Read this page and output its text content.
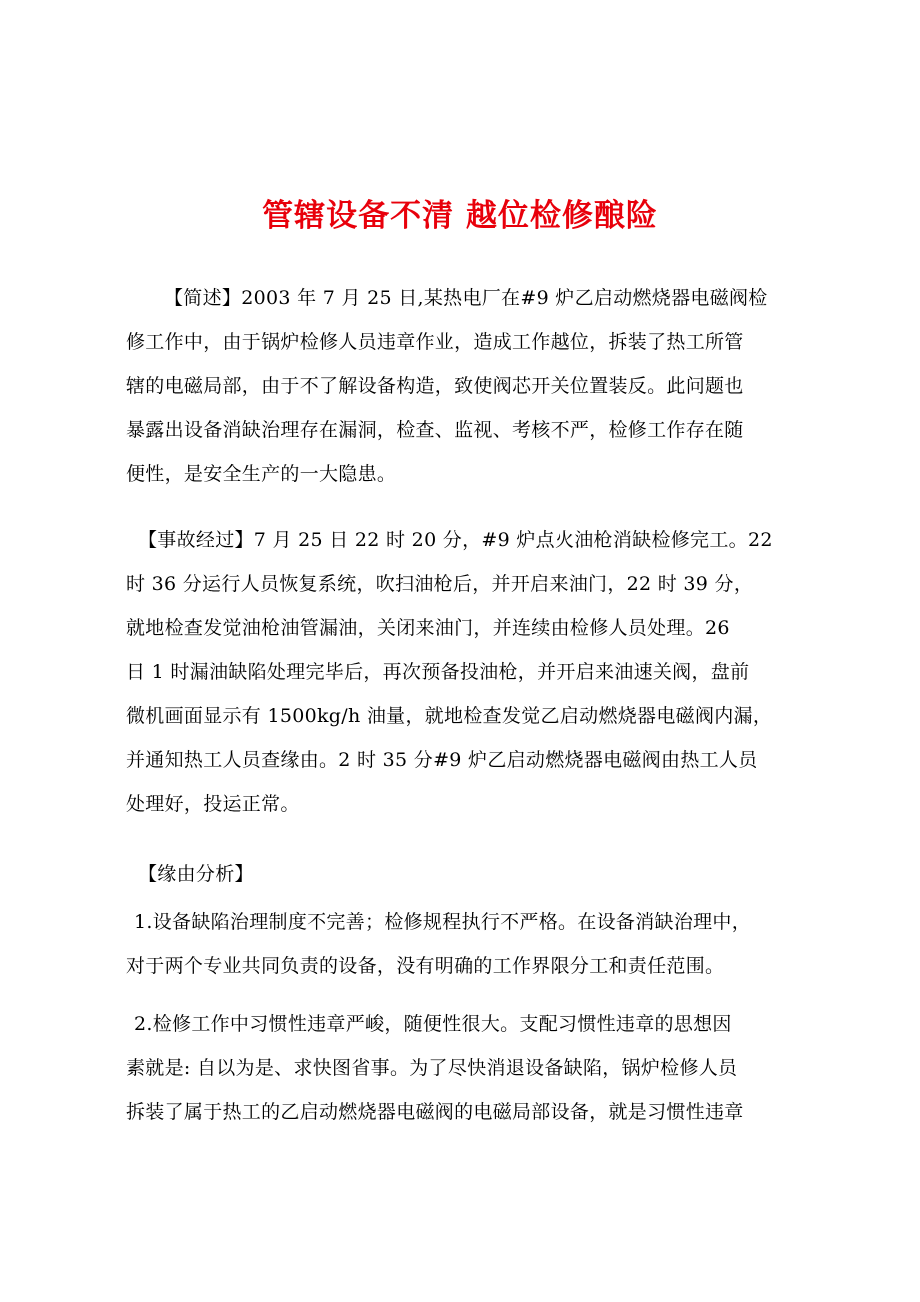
管辖设备不清 越位检修酿险
【简述】2003 年 7 月 25 日,某热电厂在#9 炉乙启动燃烧器电磁阀检
修工作中，由于锅炉检修人员违章作业，造成工作越位，拆装了热工所管
辖的电磁局部，由于不了解设备构造，致使阀芯开关位置装反。此问题也
暴露出设备消缺治理存在漏洞，检查、监视、考核不严，检修工作存在随
便性，是安全生产的一大隐患。
【事故经过】7 月 25 日 22 时 20 分，#9 炉点火油枪消缺检修完工。22
时 36 分运行人员恢复系统，吹扫油枪后，并开启来油门，22 时 39 分，
就地检查发觉油枪油管漏油，关闭来油门，并连续由检修人员处理。26
日 1 时漏油缺陷处理完毕后，再次预备投油枪，并开启来油速关阀，盘前
微机画面显示有 1500kg/h 油量，就地检查发觉乙启动燃烧器电磁阀内漏，
并通知热工人员查缘由。2 时 35 分#9 炉乙启动燃烧器电磁阀由热工人员
处理好，投运正常。
【缘由分析】
1.设备缺陷治理制度不完善；检修规程执行不严格。在设备消缺治理中，
对于两个专业共同负责的设备，没有明确的工作界限分工和责任范围。
2.检修工作中习惯性违章严峻，随便性很大。支配习惯性违章的思想因
素就是: 自以为是、求快图省事。为了尽快消退设备缺陷，锅炉检修人员
拆装了属于热工的乙启动燃烧器电磁阀的电磁局部设备，就是习惯性违章
